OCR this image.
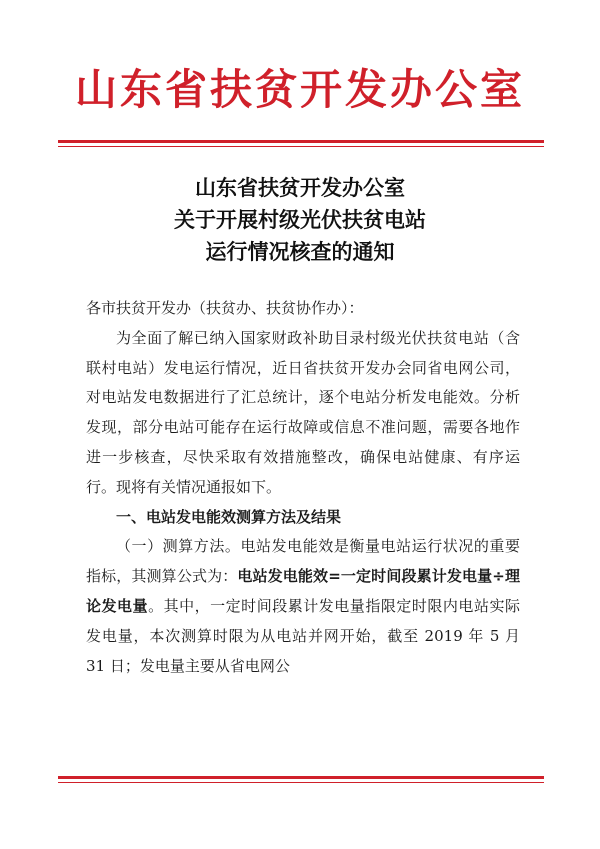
山东省扶贫开发办公室
山东省扶贫开发办公室
关于开展村级光伏扶贫电站
运行情况核查的通知

各市扶贫开发办（扶贫办、扶贫协作办）：

为全面了解已纳入国家财政补助目录村级光伏扶贫电站（含联村电站）发电运行情况，近日省扶贫开发办会同省电网公司，对电站发电数据进行了汇总统计，逐个电站分析发电能效。分析发现，部分电站可能存在运行故障或信息不准问题，需要各地作进一步核查，尽快采取有效措施整改，确保电站健康、有序运行。现将有关情况通报如下。

一、电站发电能效测算方法及结果

（一）测算方法。电站发电能效是衡量电站运行状况的重要指标，其测算公式为：电站发电能效=一定时间段累计发电量÷理论发电量。其中，一定时间段累计发电量指限定时限内电站实际发电量，本次测算时限为从电站并网开始，截至 2019 年 5 月 31 日；发电量主要从省电网公
